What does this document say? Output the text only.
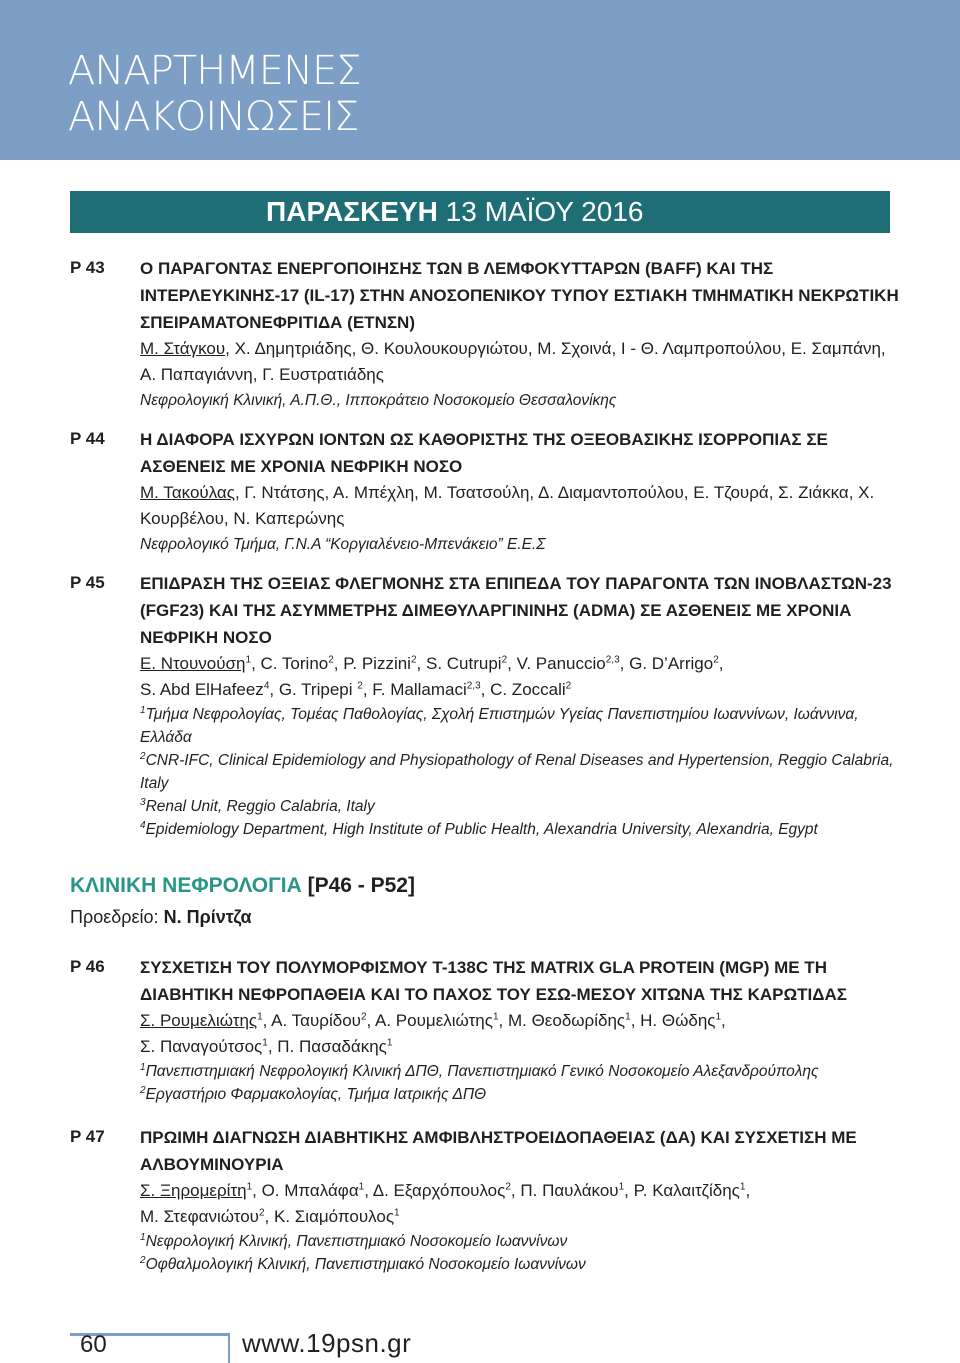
ΑΝΑΡΤΗΜΕΝΕΣ
ΑΝΑΚΟΙΝΩΣΕΙΣ
ΠΑΡΑΣΚΕΥΗ 13 ΜΑΪΟΥ 2016
P 43 Ο ΠΑΡΑΓΟΝΤΑΣ ΕΝΕΡΓΟΠΟΙΗΣΗΣ ΤΩΝ Β ΛΕΜΦΟΚΥΤΤΑΡΩΝ (BAFF) ΚΑΙ ΤΗΣ ΙΝΤΕΡΛΕΥΚΙΝΗΣ-17 (IL-17) ΣΤΗΝ ΑΝΟΣΟΠΕΝΙΚΟΥ ΤΥΠΟΥ ΕΣΤΙΑΚΗ ΤΜΗΜΑΤΙΚΗ ΝΕΚΡΩΤΙΚΗ ΣΠΕΙΡΑΜΑΤΟΝΕΦΡΙΤΙΔΑ (ΕΤΝΣΝ)
Μ. Στάγκου, Χ. Δημητριάδης, Θ. Κουλουκουργιώτου, Μ. Σχοινά, Ι - Θ. Λαμπροπούλου, Ε. Σαμπάνη, Α. Παπαγιάννη, Γ. Ευστρατιάδης
Νεφρολογική Κλινική, Α.Π.Θ., Ιπποκράτειο Νοσοκομείο Θεσσαλονίκης
P 44 Η ΔΙΑΦΟΡΑ ΙΣΧΥΡΩΝ ΙΟΝΤΩΝ ΩΣ ΚΑΘΟΡΙΣΤΗΣ ΤΗΣ ΟΞΕΟΒΑΣΙΚΗΣ ΙΣΟΡΡΟΠΙΑΣ ΣΕ ΑΣΘΕΝΕΙΣ ΜΕ ΧΡΟΝΙΑ ΝΕΦΡΙΚΗ ΝΟΣΟ
Μ. Τακούλας, Γ. Ντάτσης, Α. Μπέχλη, Μ. Τσατσούλη, Δ. Διαμαντοπούλου, Ε. Τζουρά, Σ. Ζιάκκα, Χ. Κουρβέλου, Ν. Καπερώνης
Νεφρολογικό Τμήμα, Γ.Ν.Α “Κοργιαλένειο-Μπενάκειο” Ε.Ε.Σ
P 45 ΕΠΙΔΡΑΣΗ ΤΗΣ ΟΞΕΙΑΣ ΦΛΕΓΜΟΝΗΣ ΣΤΑ ΕΠΙΠΕΔΑ ΤΟΥ ΠΑΡΑΓΟΝΤΑ ΤΩΝ ΙΝΟΒΛΑΣΤΩΝ-23 (FGF23) ΚΑΙ ΤΗΣ ΑΣΥΜΜΕΤΡΗΣ ΔΙΜΕΘΥΛΑΡΓΙΝΙΝΗΣ (ADMA) ΣΕ ΑΣΘΕΝΕΙΣ ΜΕ ΧΡΟΝΙΑ ΝΕΦΡΙΚΗ ΝΟΣΟ
Ε. Ντουνούση$^1$, C. Torino$^2$, P. Pizzini$^2$, S. Cutrupi$^2$, V. Panuccio$^{2,3}$, G. D’Arrigo$^2$,
S. Abd ElHafeez$^4$, G. Tripepi $^2$, F. Mallamaci$^{2,3}$, C. Zoccali$^2$
$^1$Τμήμα Νεφρολογίας, Τομέας Παθολογίας, Σχολή Επιστημών Υγείας Πανεπιστημίου Ιωαννίνων, Ιωάννινα, Ελλάδα
$^2$CNR-IFC, Clinical Epidemiology and Physiopathology of Renal Diseases and Hypertension, Reggio Calabria, Italy
$^3$Renal Unit, Reggio Calabria, Italy
$^4$Epidemiology Department, High Institute of Public Health, Alexandria University, Alexandria, Egypt
ΚΛΙΝΙΚΗ ΝΕΦΡΟΛΟΓΙΑ [P46 - P52]
Προεδρείο: Ν. Πρίντζα
P 46 ΣΥΣΧΕΤΙΣΗ ΤΟΥ ΠΟΛΥΜΟΡΦΙΣΜΟΥ T-138C ΤΗΣ MATRIX GLA PROTEIN (MGP) ΜΕ ΤΗ ΔΙΑΒΗΤΙΚΗ ΝΕΦΡΟΠΑΘΕΙΑ ΚΑΙ ΤΟ ΠΑΧΟΣ ΤΟΥ ΕΣΩ-ΜΕΣΟΥ ΧΙΤΩΝΑ ΤΗΣ ΚΑΡΩΤΙΔΑΣ
Σ. Ρουμελιώτης$^1$, Α. Ταυρίδου$^2$, Α. Ρουμελιώτης$^1$, Μ. Θεοδωρίδης$^1$, Η. Θώδης$^1$,
Σ. Παναγούτσος$^1$, Π. Πασαδάκης$^1$
$^1$Πανεπιστημιακή Νεφρολογική Κλινική ΔΠΘ, Πανεπιστημιακό Γενικό Νοσοκομείο Αλεξανδρούπολης
$^2$Εργαστήριο Φαρμακολογίας, Τμήμα Ιατρικής ΔΠΘ
P 47 ΠΡΩΙΜΗ ΔΙΑΓΝΩΣΗ ΔΙΑΒΗΤΙΚΗΣ ΑΜΦΙΒΛΗΣΤΡΟΕΙΔΟΠΑΘΕΙΑΣ (ΔΑ) ΚΑΙ ΣΥΣΧΕΤΙΣΗ ΜΕ ΑΛΒΟΥΜΙΝΟΥΡΙΑ
Σ. Ξηρομερίτη$^1$, Ο. Μπαλάφα$^1$, Δ. Εξαρχόπουλος$^2$, Π. Παυλάκου$^1$, Ρ. Καλαιτζίδης$^1$,
Μ. Στεφανιώτου$^2$, Κ. Σιαμόπουλος$^1$
$^1$Νεφρολογική Κλινική, Πανεπιστημιακό Νοσοκομείο Ιωαννίνων
$^2$Οφθαλμολογική Κλινική, Πανεπιστημιακό Νοσοκομείο Ιωαννίνων
60	www.19psn.gr
